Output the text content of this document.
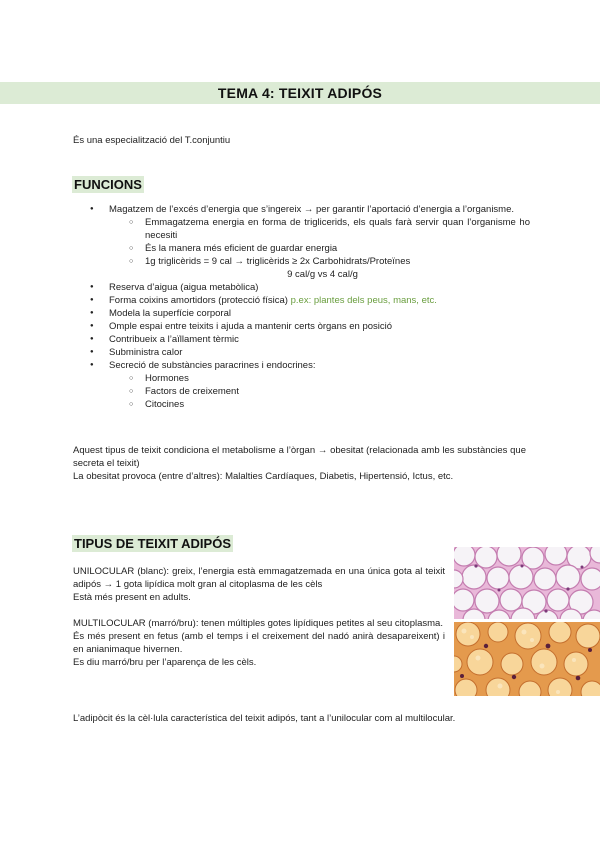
TEMA 4: TEIXIT ADIPÓS
És una especialització del T.conjuntiu
FUNCIONS
● Magatzem de l’excés d’energia que s’ingereix → per garantir l’aportació d’energia a l’organisme.
○ Emmagatzema energia en forma de triglicerids, els quals farà servir quan l’organisme ho necesiti
○ És la manera més eficient de guardar energia
○ 1g triglicèrids = 9 cal → triglicèrids ≥ 2x Carbohidrats/Proteïnes
9 cal/g vs 4 cal/g
● Reserva d’aigua (aigua metabòlica)
● Forma coixins amortidors (protecció física) p.ex: plantes dels peus, mans, etc.
● Modela la superfície corporal
● Omple espai entre teixits i ajuda a mantenir certs òrgans en posició
● Contribueix a l’aïllament tèrmic
● Subministra calor
● Secreció de substàncies paracrines i endocrines:
○ Hormones
○ Factors de creixement
○ Citocines
Aquest tipus de teixit condiciona el metabolisme a l’òrgan → obesitat (relacionada amb les substàncies que secreta el teixit)
La obesitat provoca (entre d’altres): Malalties Cardíaques, Diabetis, Hipertensió, Ictus, etc.
TIPUS DE TEIXIT ADIPÓS
UNILOCULAR (blanc): greix, l’energia està emmagatzemada en una única gota al teixit adipós → 1 gota lipídica molt gran al citoplasma de les cèls
Està més present en adults.
MULTILOCULAR (marró/bru): tenen múltiples gotes lipídiques petites al seu citoplasma.
És més present en fetus (amb el temps i el creixement del nadó anirà desapareixent) i en anianimaque hivernen.
Es diu marró/bru per l’aparença de les cèls.
L’adipòcit és la cèl·lula característica del teixit adipós, tant a l’unilocular com al multilocular.
